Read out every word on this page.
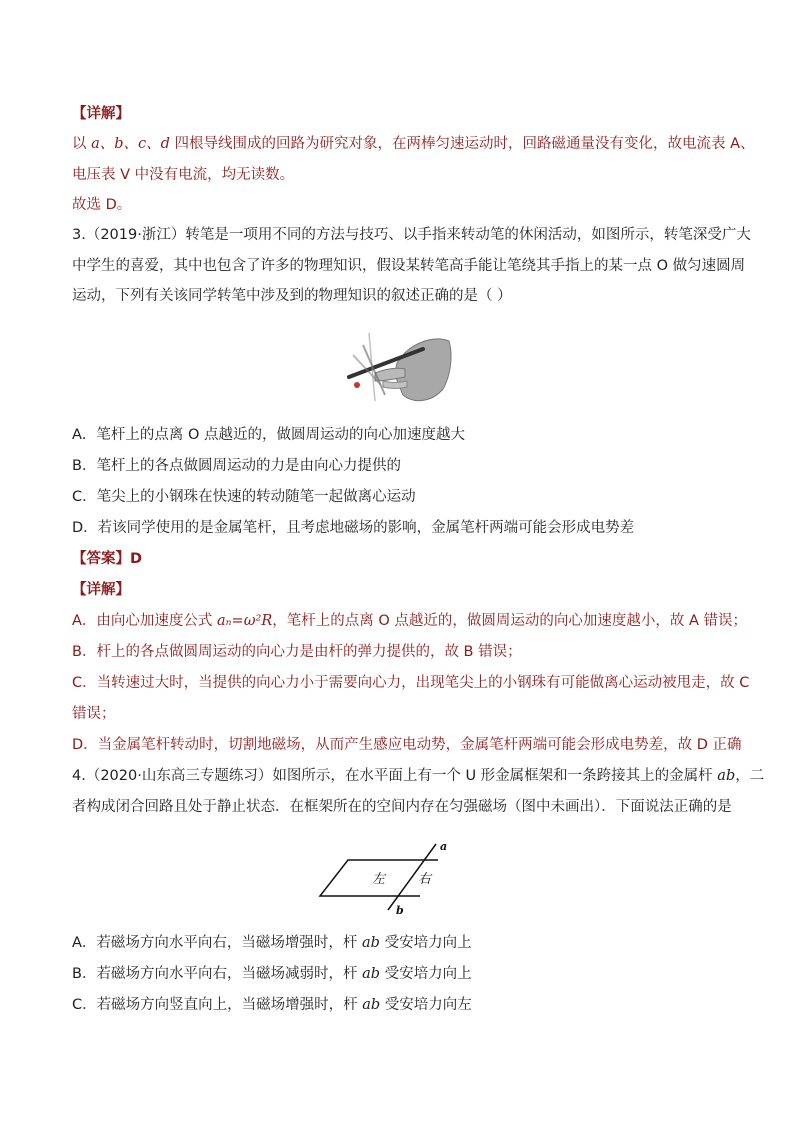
【详解】
以 a、b、c、d 四根导线围成的回路为研究对象，在两棒匀速运动时，回路磁通量没有变化，故电流表 A、
电压表 V 中没有电流，均无读数。
故选 D。
3.（2019·浙江）转笔是一项用不同的方法与技巧、以手指来转动笔的休闲活动，如图所示，转笔深受广大
中学生的喜爱，其中也包含了许多的物理知识，假设某转笔高手能让笔绕其手指上的某一点 O 做匀速圆周
运动，下列有关该同学转笔中涉及到的物理知识的叙述正确的是（ ）
A．笔杆上的点离 O 点越近的，做圆周运动的向心加速度越大
B．笔杆上的各点做圆周运动的力是由向心力提供的
C．笔尖上的小钢珠在快速的转动随笔一起做离心运动
D．若该同学使用的是金属笔杆，且考虑地磁场的影响，金属笔杆两端可能会形成电势差
【答案】D
【详解】
A．由向心加速度公式 aₙ=ω²R，笔杆上的点离 O 点越近的，做圆周运动的向心加速度越小，故 A 错误；
B．杆上的各点做圆周运动的向心力是由杆的弹力提供的，故 B 错误；
C．当转速过大时，当提供的向心力小于需要向心力，出现笔尖上的小钢珠有可能做离心运动被甩走，故 C
错误；
D．当金属笔杆转动时，切割地磁场，从而产生感应电动势，金属笔杆两端可能会形成电势差，故 D 正确
4.（2020·山东高三专题练习）如图所示，在水平面上有一个 U 形金属框架和一条跨接其上的金属杆 ab，二
者构成闭合回路且处于静止状态．在框架所在的空间内存在匀强磁场（图中未画出）．下面说法正确的是
左	右
a
b
A．若磁场方向水平向右，当磁场增强时，杆 ab 受安培力向上
B．若磁场方向水平向右，当磁场减弱时，杆 ab 受安培力向上
C．若磁场方向竖直向上，当磁场增强时，杆 ab 受安培力向左
